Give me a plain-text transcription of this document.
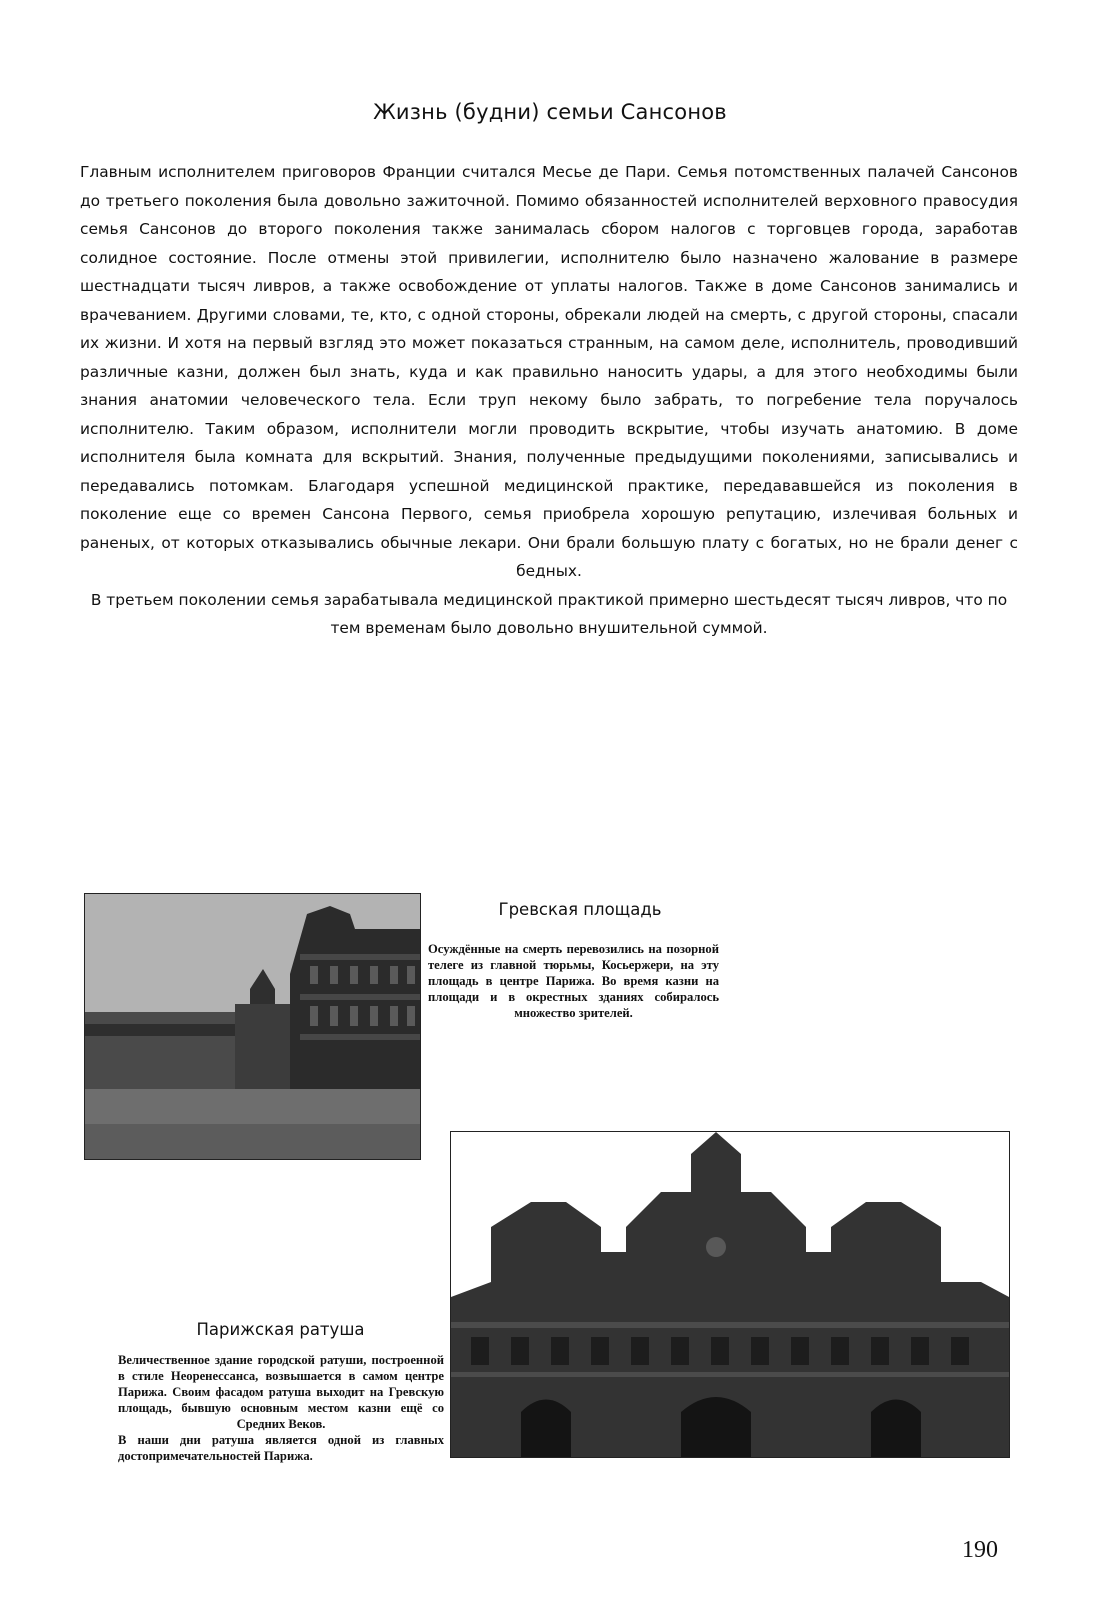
Жизнь (будни) семьи Сансонов

Главным исполнителем приговоров Франции считался Месье де Пари. Семья потомственных палачей Сансонов до третьего поколения была довольно зажиточной. Помимо обязанностей исполнителей верховного правосудия семья Сансонов до второго поколения также занималась сбором налогов с торговцев города, заработав солидное состояние. После отмены этой привилегии, исполнителю было назначено жалование в размере шестнадцати тысяч ливров, а также освобождение от уплаты налогов. Также в доме Сансонов занимались и врачеванием. Другими словами, те, кто, с одной стороны, обрекали людей на смерть, с другой стороны, спасали их жизни. И хотя на первый взгляд это может показаться странным, на самом деле, исполнитель, проводивший различные казни, должен был знать, куда и как правильно наносить удары, а для этого необходимы были знания анатомии человеческого тела. Если труп некому было забрать, то погребение тела поручалось исполнителю. Таким образом, исполнители могли проводить вскрытие, чтобы изучать анатомию. В доме исполнителя была комната для вскрытий. Знания, полученные предыдущими поколениями, записывались и передавались потомкам. Благодаря успешной медицинской практике, передававшейся из поколения в поколение еще со времен Сансона Первого, семья приобрела хорошую репутацию, излечивая больных и раненых, от которых отказывались обычные лекари. Они брали большую плату с богатых, но не брали денег с бедных.

В третьем поколении семья зарабатывала медицинской практикой примерно шестьдесят тысяч ливров, что по тем временам было довольно внушительной суммой.

Гревская площадь
Осуждённые на смерть перевозились на позорной телеге из главной тюрьмы, Косьержери, на эту площадь в центре Парижа. Во время казни на площади и в окрестных зданиях собиралось множество зрителей.
Парижская ратуша
Величественное здание городской ратуши, построенной в стиле Неоренессанса, возвышается в самом центре Парижа. Своим фасадом ратуша выходит на Гревскую площадь, бывшую основным местом казни ещё со Средних Веков.
В наши дни ратуша является одной из главных достопримечательностей Парижа.
190
